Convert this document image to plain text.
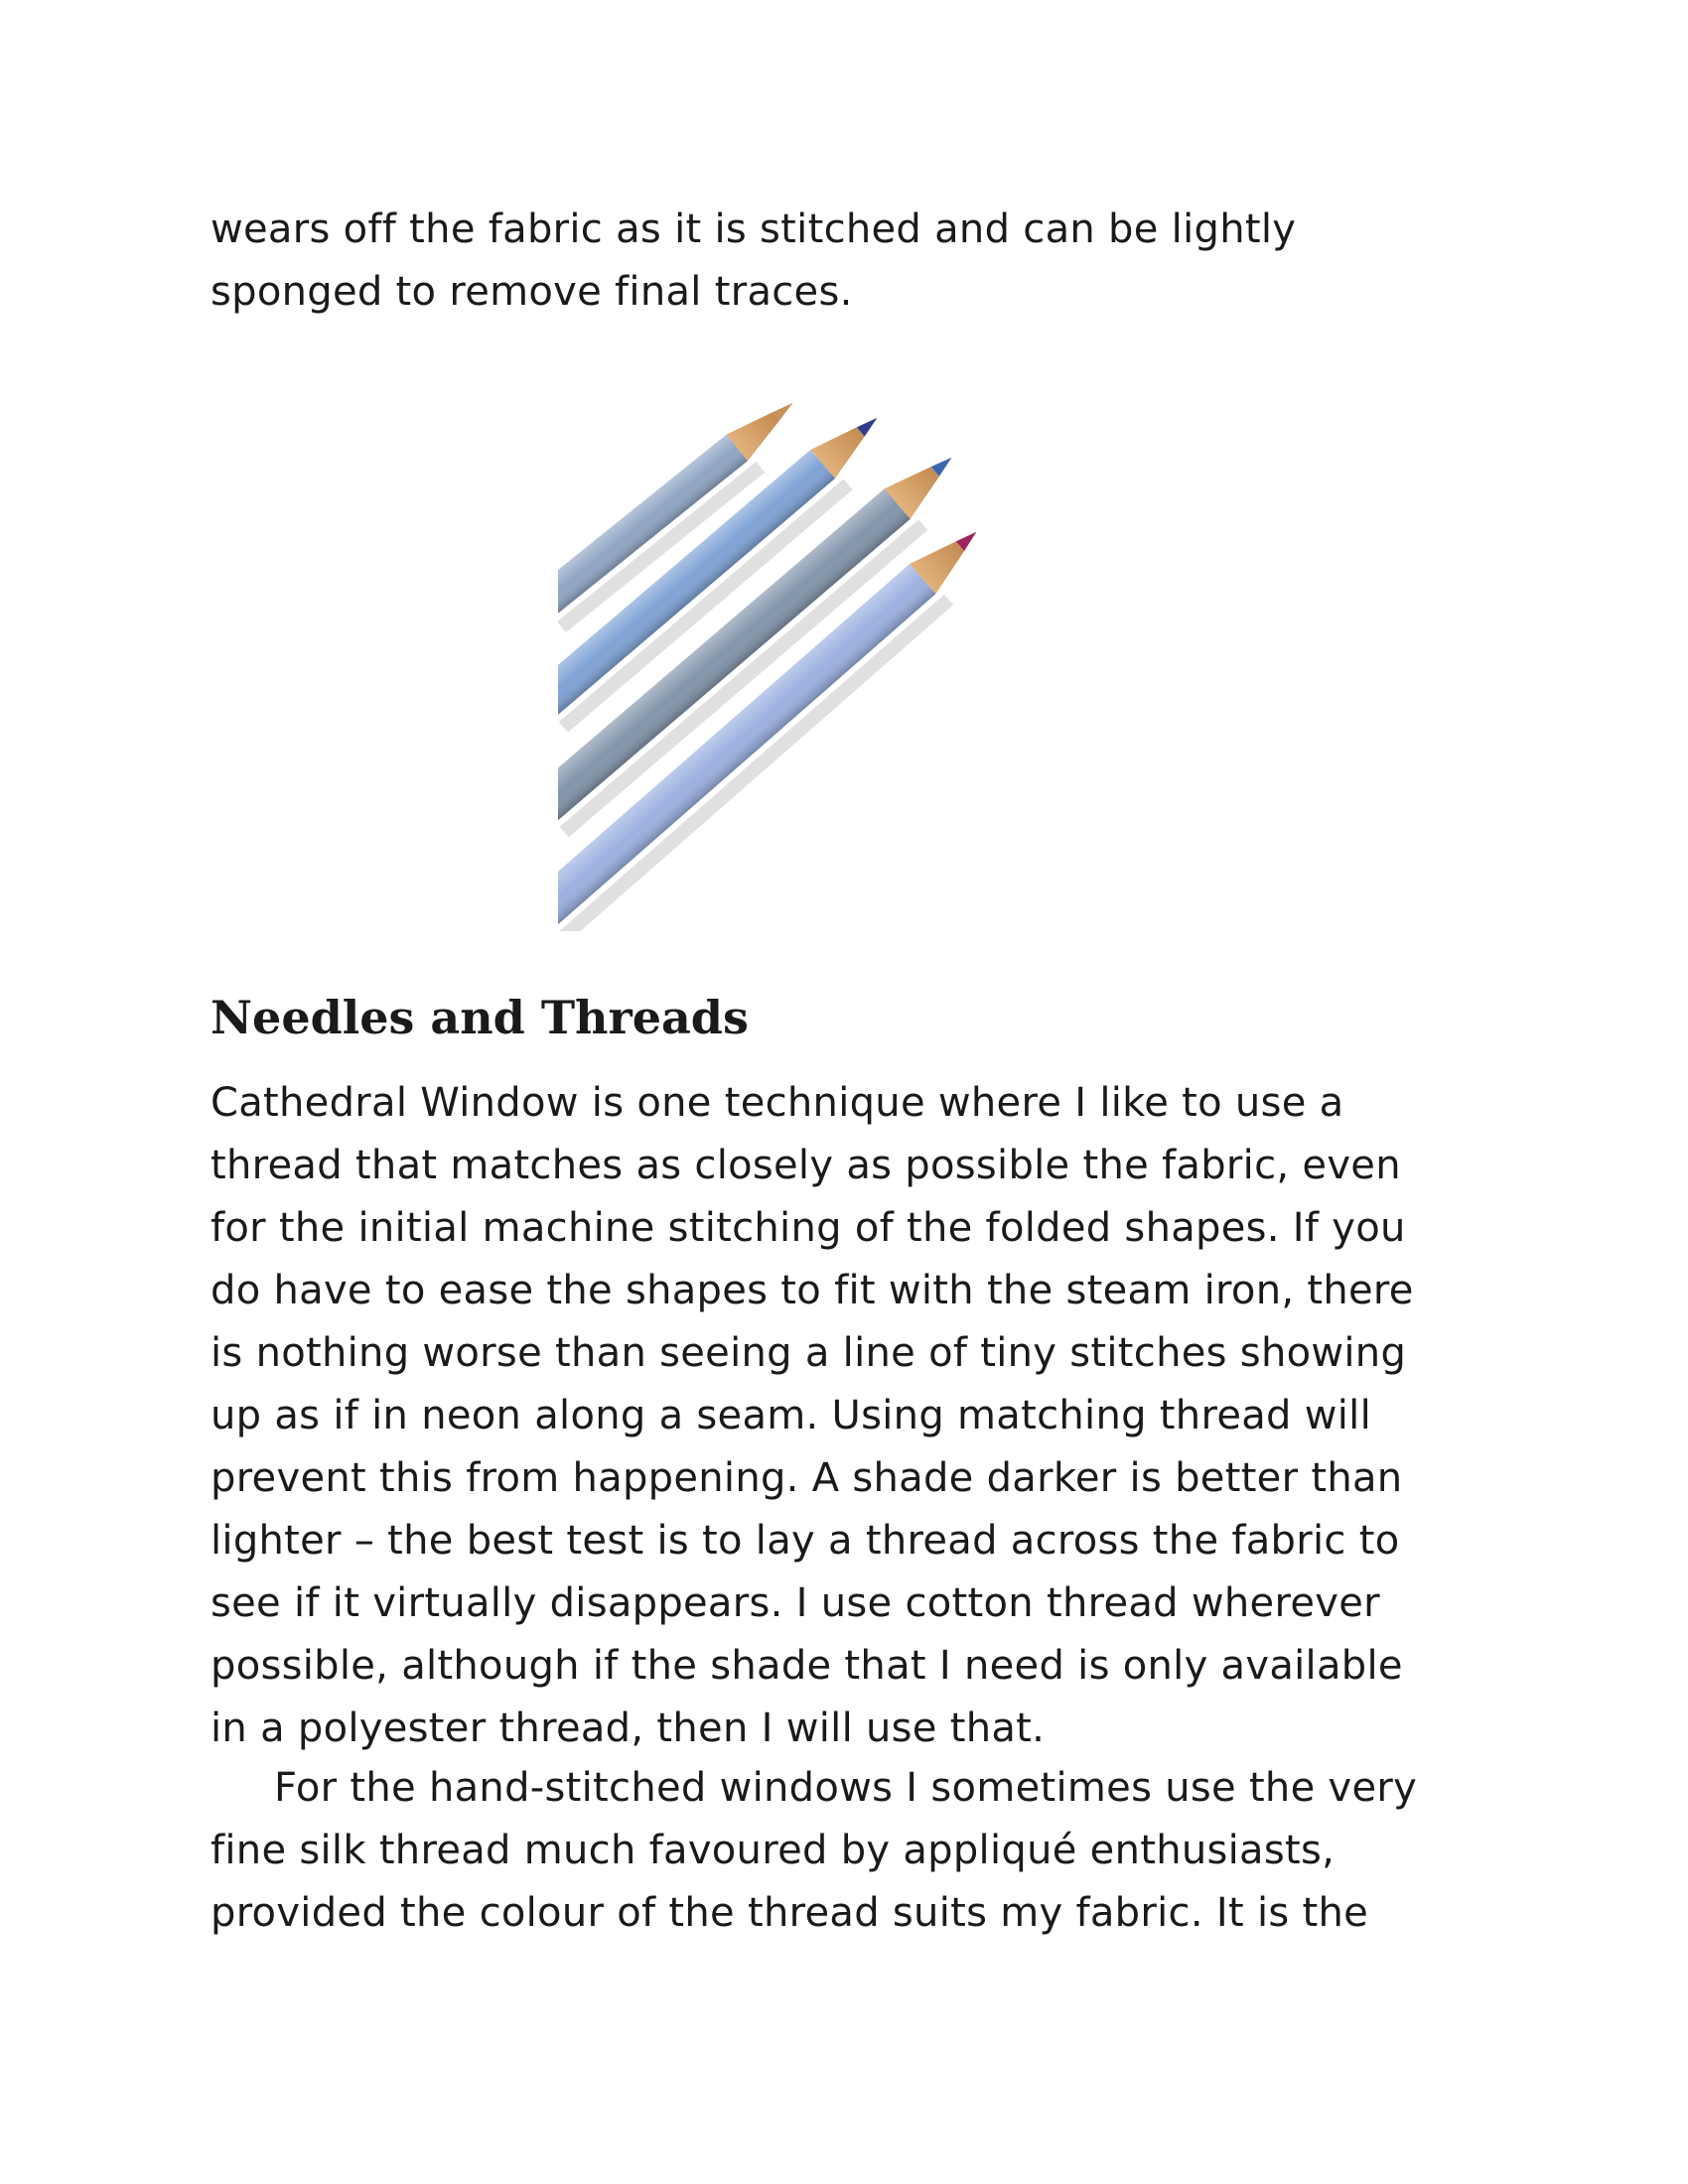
wears off the fabric as it is stitched and can be lightly
sponged to remove final traces.
Needles and Threads
Cathedral Window is one technique where I like to use a
thread that matches as closely as possible the fabric, even
for the initial machine stitching of the folded shapes. If you
do have to ease the shapes to fit with the steam iron, there
is nothing worse than seeing a line of tiny stitches showing
up as if in neon along a seam. Using matching thread will
prevent this from happening. A shade darker is better than
lighter – the best test is to lay a thread across the fabric to
see if it virtually disappears. I use cotton thread wherever
possible, although if the shade that I need is only available
in a polyester thread, then I will use that.
For the hand-stitched windows I sometimes use the very
fine silk thread much favoured by appliqué enthusiasts,
provided the colour of the thread suits my fabric. It is the
